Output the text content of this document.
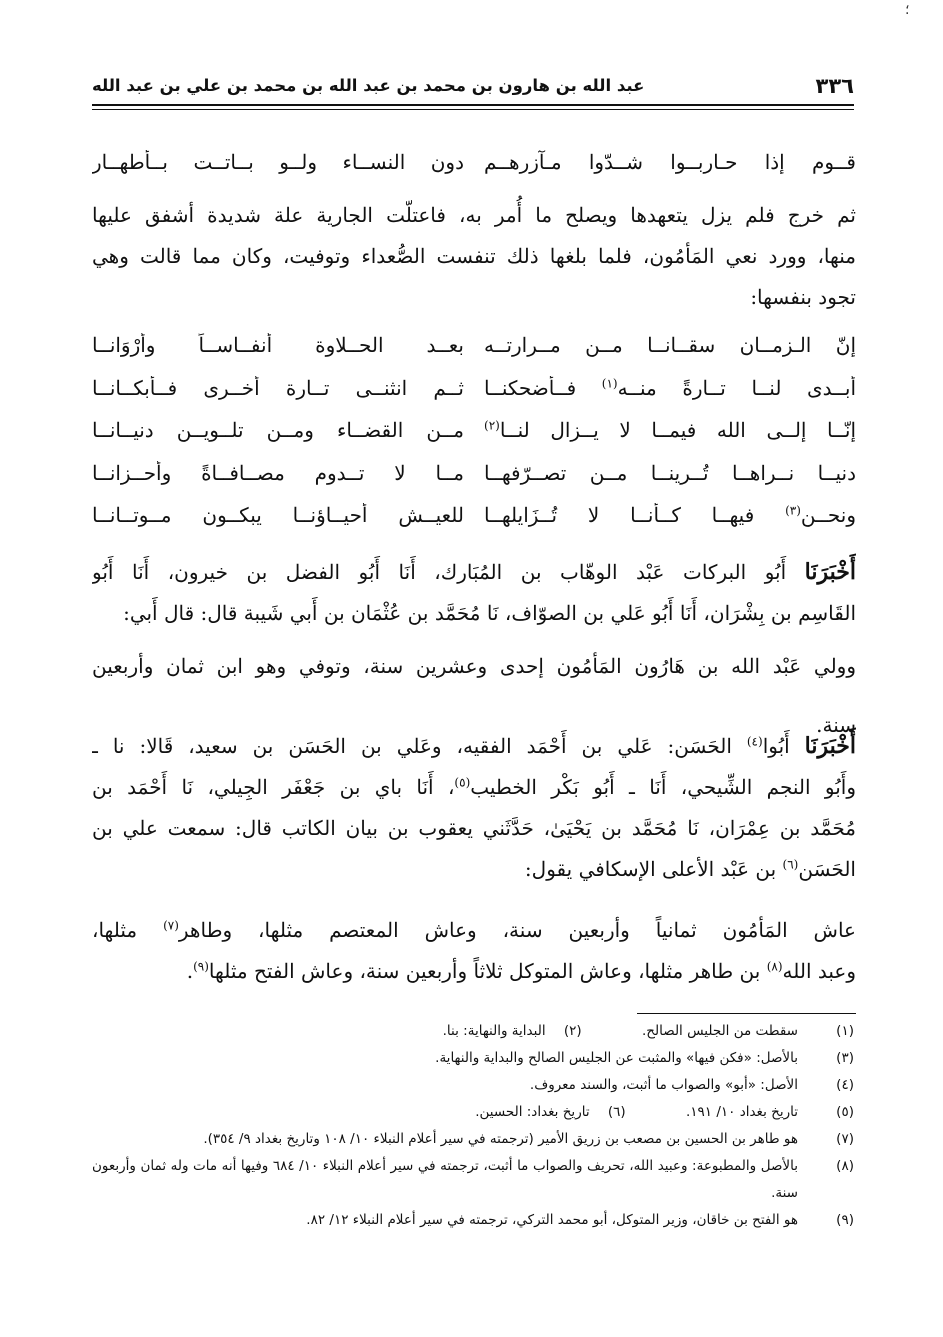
؛
٣٣٦
عبد الله بن هارون بن محمد بن عبد الله بن محمد بن علي بن عبد الله
قــوم إذا حـاربــوا شــدّوا مـآزرهــم
دون النســاء ولــو بــاتــت بــأطهــار
ثم خرج فلم يزل يتعهدها ويصلح ما أُمر به، فاعتلّت الجارية علة شديدة أشفق عليها
منها، وورد نعي المَأمُون، فلما بلغها ذلك تنفست الصُّعداء وتوفيت، وكان مما قالت وهي
تجود بنفسها:
إنّ الـزمــان سقــانــا مــن مــرارتــه
بعــد الحــلاوة أنفــاســاً وأرْوَانــا
أبــدى لنــا تــارةً منــه$^{(١)}$ فــأضحكنــا
ثــم انثنــى تــارة أخــرى فــأبكــانــا
إنّــا إلــى الله فيمــا لا يــزال لنــا$^{(٢)}$
مــن القضــاء ومــن تلــويــن دنيــانــا
دنيــا نــراهــا تُــرينــا مــن تصــرّفهــا
مــا لا تــدوم مصــافــاةً وأحــزانــا
ونحــن$^{(٣)}$ فيهــا كــأنــا لا تُــزَايلهــا
للعيــش أحيــاؤنــا يبكــون مــوتــانــا
أَخْبَرَنَا أَبُو البركات عَبْد الوهّاب بن المُبَارك، أَنَا أَبُو الفضل بن خيرون، أَنَا أَبُو
القَاسِم بن بِشْرَان، أَنَا أَبُو عَلي بن الصوّاف، نَا مُحَمَّد بن عُثْمَان بن أَبي شَيبة قال: قال أَبي:
وولي عَبْد الله بن هَارُون المَأمُون إحدى وعشرين سنة، وتوفي وهو ابن ثمان وأربعين
سنة.
أَخْبَرَنَا أَبُوا$^{(٤)}$ الحَسَن: عَلي بن أَحْمَد الفقيه، وعَلي بن الحَسَن بن سعيد، قَالا: نا ـ
وأَبُو النجم الشِّيحي، أَنَا ـ أَبُو بَكْر الخطيب$^{(٥)}$، أَنَا باي بن جَعْفَر الجِيلي، نَا أَحْمَد بن
مُحَمَّد بن عِمْرَان، نَا مُحَمَّد بن يَحْيَىٰ، حَدَّثَني يعقوب بن بيان الكاتب قال: سمعت علي بن
الحَسَن$^{(٦)}$ بن عَبْد الأعلى الإسكافي يقول:
عاش المَأمُون ثمانياً وأربعين سنة، وعاش المعتصم مثلها، وطاهر$^{(٧)}$ مثلها،
وعبد الله$^{(٨)}$ بن طاهر مثلها، وعاش المتوكل ثلاثاً وأربعين سنة، وعاش الفتح مثلها$^{(٩)}$.
(١)
سقطت من الجليس الصالح. (٢) البداية والنهاية: بنا.
(٣)
بالأصل: «فكن فيها» والمثبت عن الجليس الصالح والبداية والنهاية.
(٤)
الأصل: «أبو» والصواب ما أثبت، والسند معروف.
(٥)
تاريخ بغداد ١٠/ ١٩١. (٦) تاريخ بغداد: الحسين.
(٧)
هو طاهر بن الحسين بن مصعب بن زريق الأمير (ترجمته في سير أعلام النبلاء ١٠/ ١٠٨ وتاريخ بغداد ٩/ ٣٥٤).
(٨)
بالأصل والمطبوعة: وعبيد الله، تحريف والصواب ما أثبت، ترجمته في سير أعلام النبلاء ١٠/ ٦٨٤ وفيها أنه مات وله ثمان وأربعون سنة.
(٩)
هو الفتح بن خاقان، وزير المتوكل، أبو محمد التركي، ترجمته في سير أعلام النبلاء ١٢/ ٨٢.
